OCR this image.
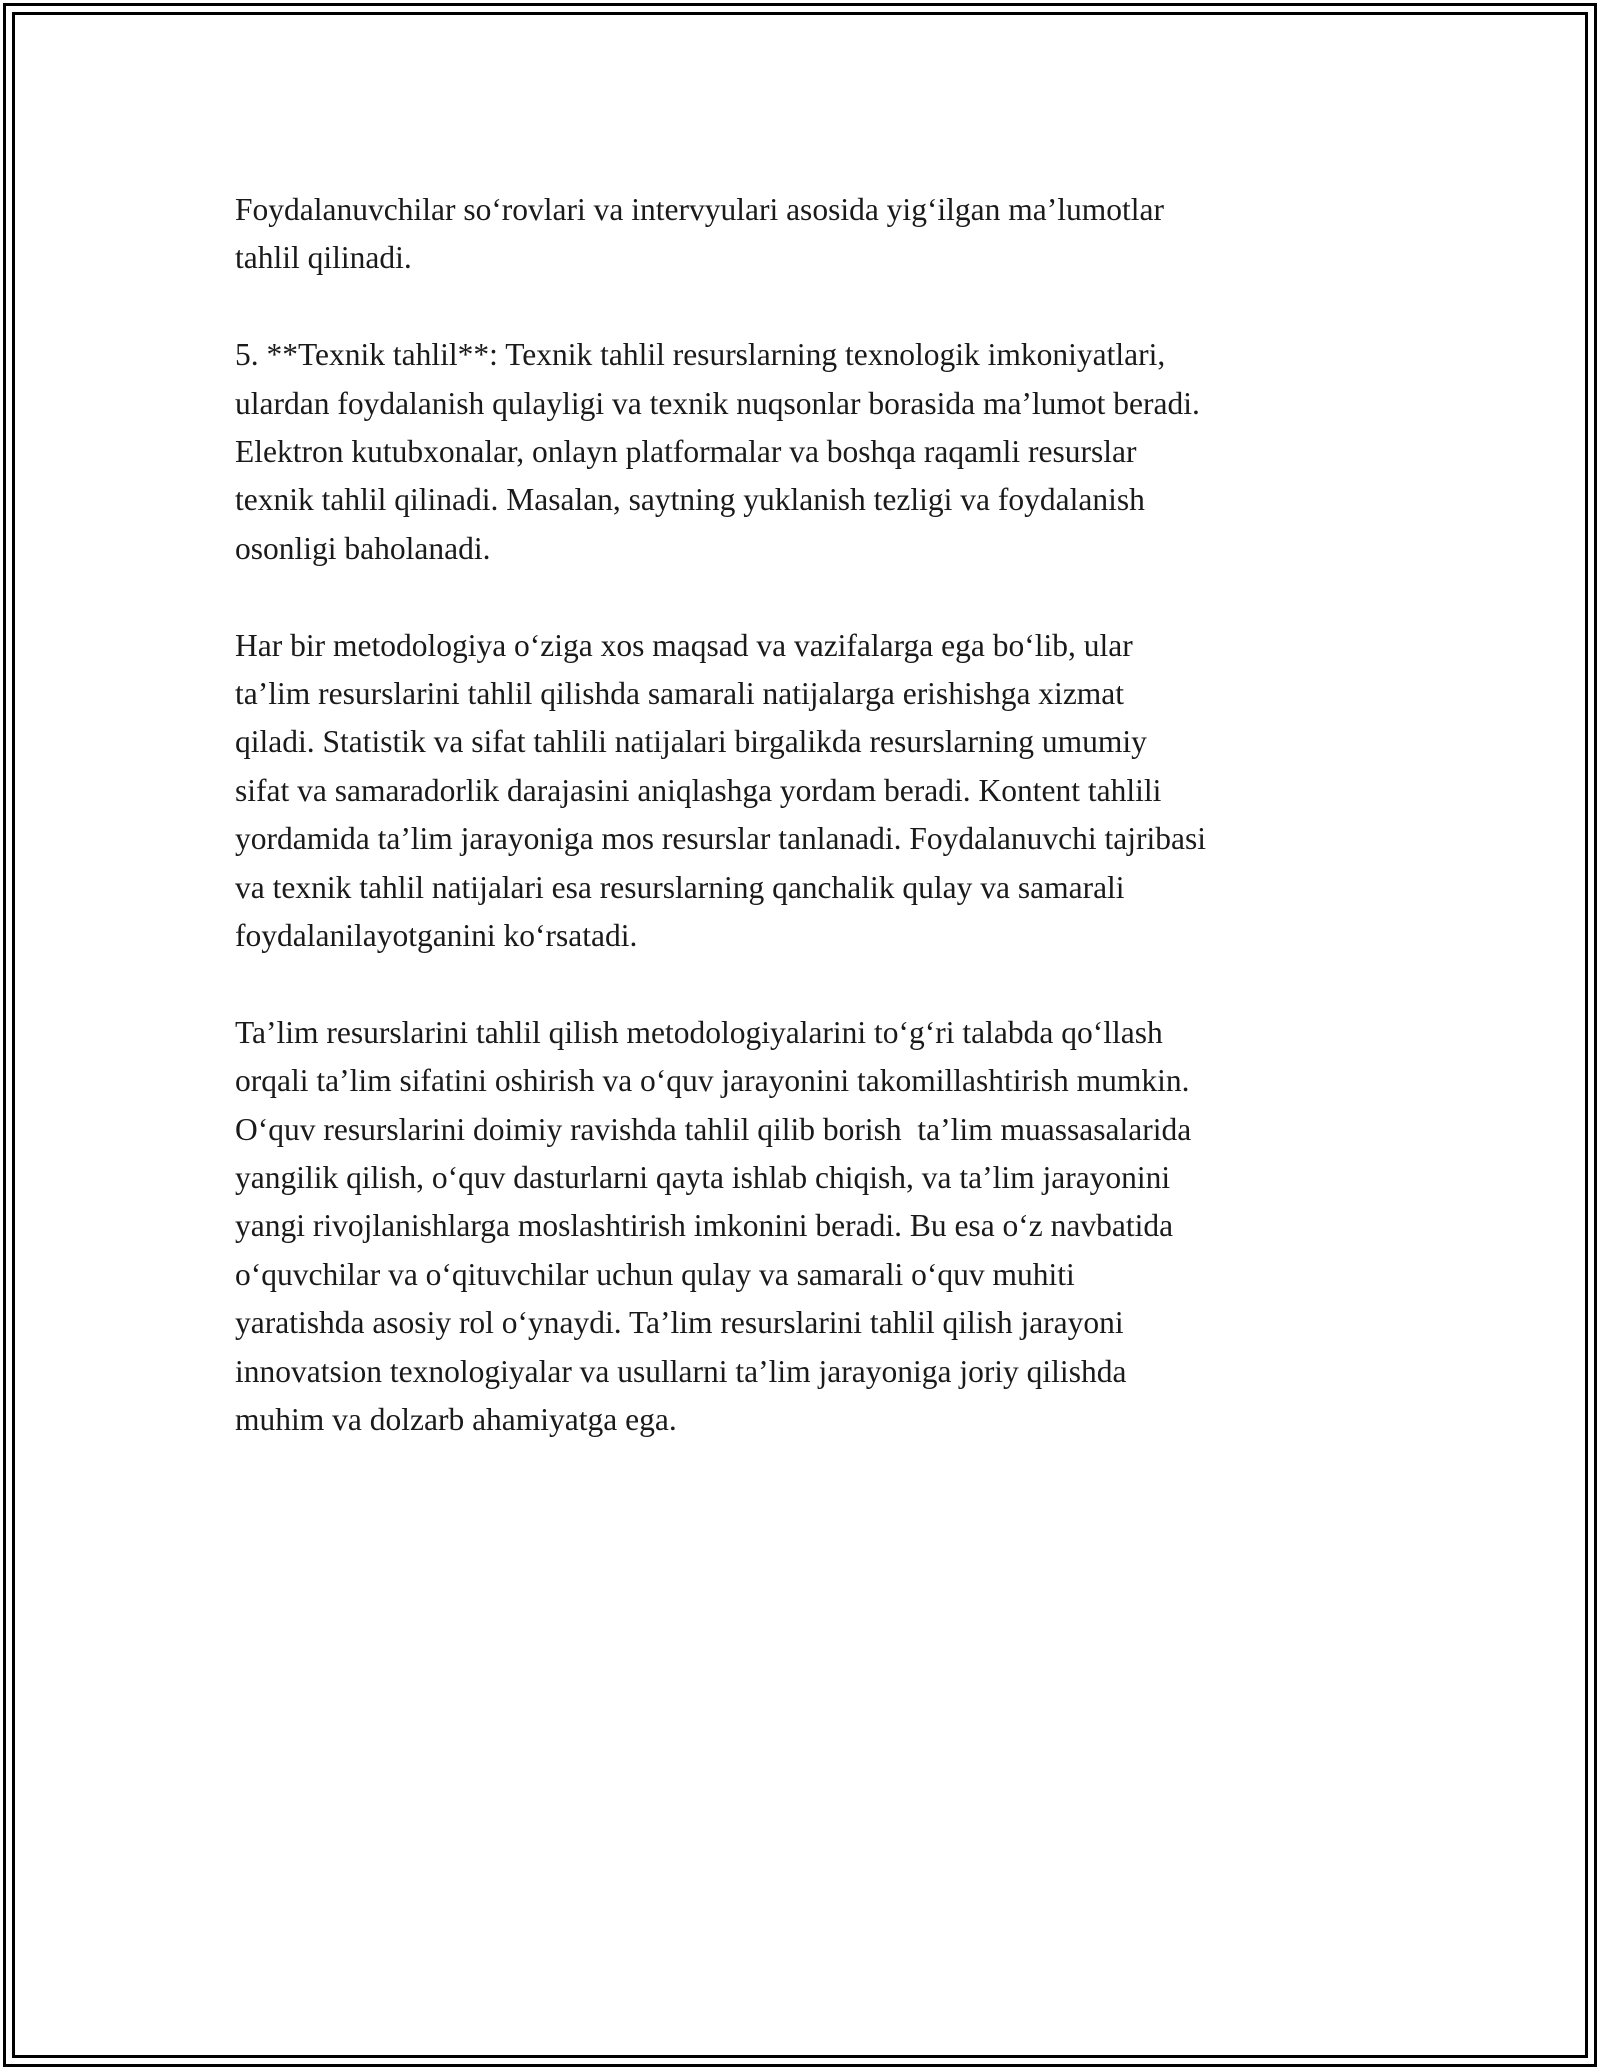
Foydalanuvchilar so‘rovlari va intervyulari asosida yig‘ilgan ma’lumotlar
tahlil qilinadi.

5. **Texnik tahlil**: Texnik tahlil resurslarning texnologik imkoniyatlari,
ulardan foydalanish qulayligi va texnik nuqsonlar borasida ma’lumot beradi.
Elektron kutubxonalar, onlayn platformalar va boshqa raqamli resurslar
texnik tahlil qilinadi. Masalan, saytning yuklanish tezligi va foydalanish
osonligi baholanadi.

Har bir metodologiya o‘ziga xos maqsad va vazifalarga ega bo‘lib, ular
ta’lim resurslarini tahlil qilishda samarali natijalarga erishishga xizmat
qiladi. Statistik va sifat tahlili natijalari birgalikda resurslarning umumiy
sifat va samaradorlik darajasini aniqlashga yordam beradi. Kontent tahlili
yordamida ta’lim jarayoniga mos resurslar tanlanadi. Foydalanuvchi tajribasi
va texnik tahlil natijalari esa resurslarning qanchalik qulay va samarali
foydalanilayotganini ko‘rsatadi.

Ta’lim resurslarini tahlil qilish metodologiyalarini to‘g‘ri talabda qo‘llash
orqali ta’lim sifatini oshirish va o‘quv jarayonini takomillashtirish mumkin.
O‘quv resurslarini doimiy ravishda tahlil qilib borish  ta’lim muassasalarida
yangilik qilish, o‘quv dasturlarni qayta ishlab chiqish, va ta’lim jarayonini
yangi rivojlanishlarga moslashtirish imkonini beradi. Bu esa o‘z navbatida
o‘quvchilar va o‘qituvchilar uchun qulay va samarali o‘quv muhiti
yaratishda asosiy rol o‘ynaydi. Ta’lim resurslarini tahlil qilish jarayoni
innovatsion texnologiyalar va usullarni ta’lim jarayoniga joriy qilishda
muhim va dolzarb ahamiyatga ega.
